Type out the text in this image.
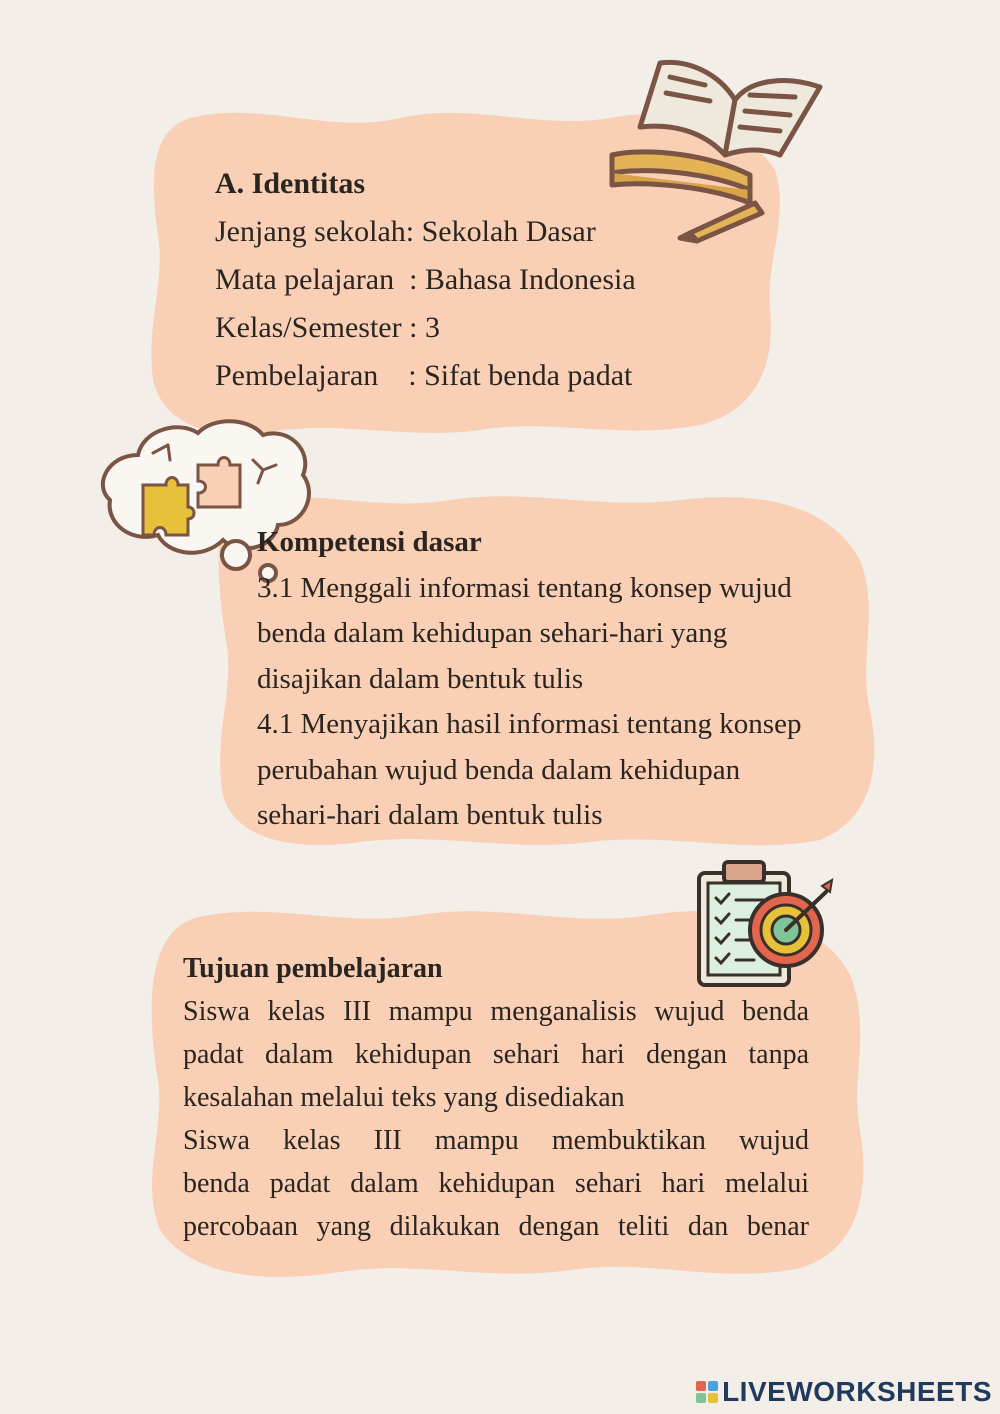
A. Identitas
Jenjang sekolah: Sekolah Dasar
Mata pelajaran  : Bahasa Indonesia
Kelas/Semester : 3
Pembelajaran    : Sifat benda padat
Kompetensi dasar
3.1 Menggali informasi tentang konsep wujud
benda dalam kehidupan sehari-hari yang
disajikan dalam bentuk tulis
4.1 Menyajikan hasil informasi tentang konsep
perubahan wujud benda dalam kehidupan
sehari-hari dalam bentuk tulis
Tujuan pembelajaran
Siswa kelas III mampu menganalisis wujud benda
padat dalam kehidupan sehari hari dengan tanpa
kesalahan melalui teks yang disediakan
Siswa kelas III mampu membuktikan wujud
benda padat dalam kehidupan sehari hari melalui
percobaan yang dilakukan dengan teliti dan benar
LIVEWORKSHEETS
